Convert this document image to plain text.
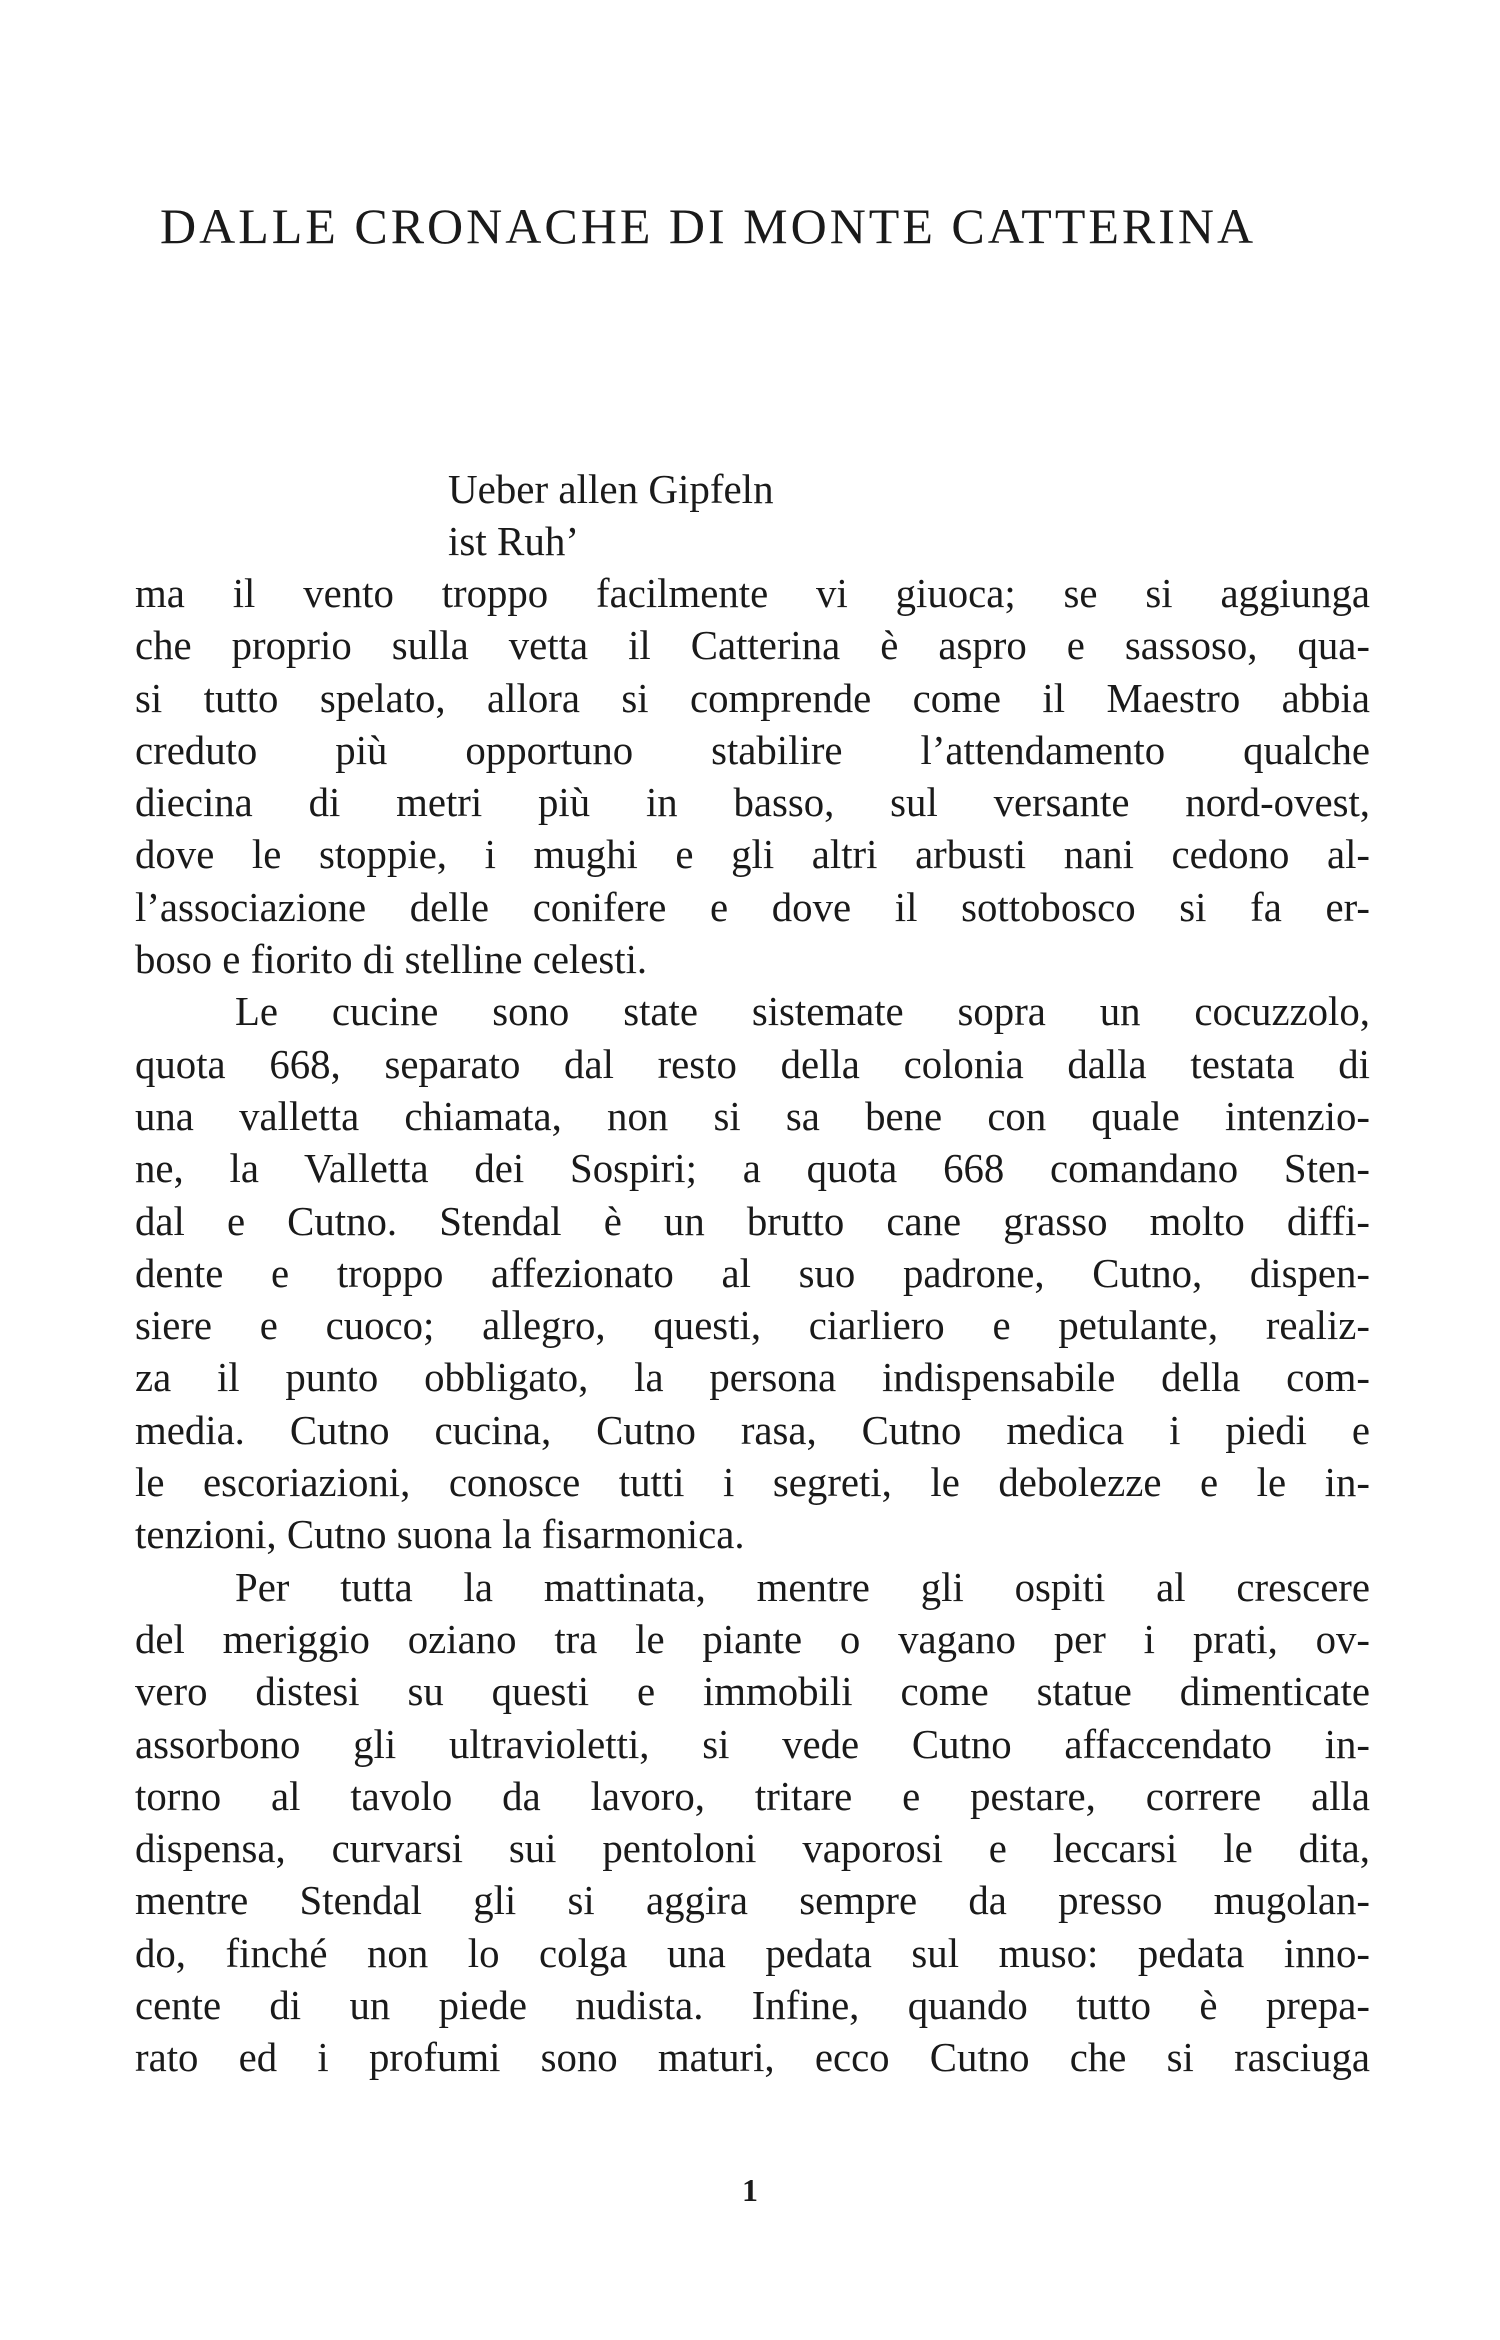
DALLE CRONACHE DI MONTE CATTERINA
Ueber allen Gipfeln
ist Ruh’
ma il vento troppo facilmente vi giuoca; se si aggiunga
che proprio sulla vetta il Catterina è aspro e sassoso, qua-
si tutto spelato, allora si comprende come il Maestro abbia
creduto più opportuno stabilire l’attendamento qualche
diecina di metri più in basso, sul versante nord-ovest,
dove le stoppie, i mughi e gli altri arbusti nani cedono al-
l’associazione delle conifere e dove il sottobosco si fa er-
boso e fiorito di stelline celesti.
Le cucine sono state sistemate sopra un cocuzzolo,
quota 668, separato dal resto della colonia dalla testata di
una valletta chiamata, non si sa bene con quale intenzio-
ne, la Valletta dei Sospiri; a quota 668 comandano Sten-
dal e Cutno. Stendal è un brutto cane grasso molto diffi-
dente e troppo affezionato al suo padrone, Cutno, dispen-
siere e cuoco; allegro, questi, ciarliero e petulante, realiz-
za il punto obbligato, la persona indispensabile della com-
media. Cutno cucina, Cutno rasa, Cutno medica i piedi e
le escoriazioni, conosce tutti i segreti, le debolezze e le in-
tenzioni, Cutno suona la fisarmonica.
Per tutta la mattinata, mentre gli ospiti al crescere
del meriggio oziano tra le piante o vagano per i prati, ov-
vero distesi su questi e immobili come statue dimenticate
assorbono gli ultravioletti, si vede Cutno affaccendato in-
torno al tavolo da lavoro, tritare e pestare, correre alla
dispensa, curvarsi sui pentoloni vaporosi e leccarsi le dita,
mentre Stendal gli si aggira sempre da presso mugolan-
do, finché non lo colga una pedata sul muso: pedata inno-
cente di un piede nudista. Infine, quando tutto è prepa-
rato ed i profumi sono maturi, ecco Cutno che si rasciuga
1
